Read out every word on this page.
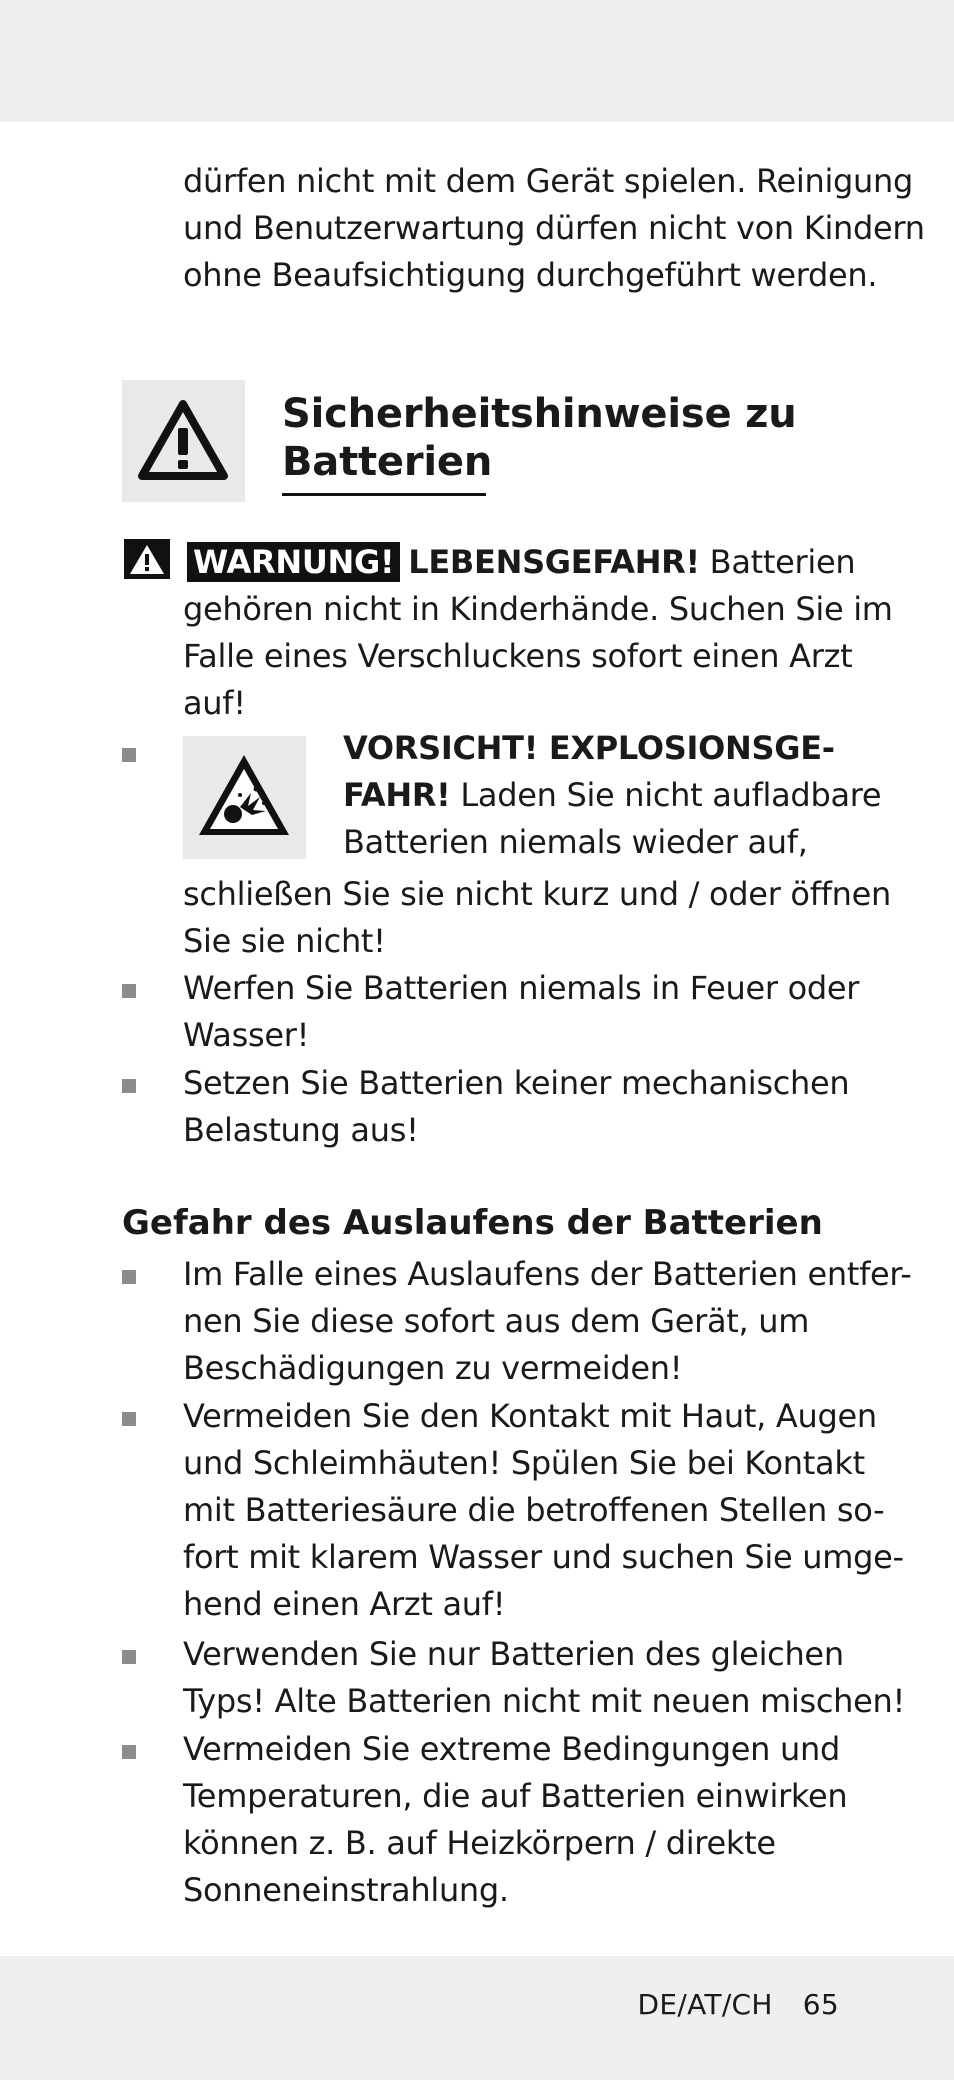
dürfen nicht mit dem Gerät spielen. Reinigung
und Benutzerwartung dürfen nicht von Kindern
ohne Beaufsichtigung durchgeführt werden.
Sicherheitshinweise zu
Batterien
WARNUNG! LEBENSGEFAHR! Batterien
gehören nicht in Kinderhände. Suchen Sie im
Falle eines Verschluckens sofort einen Arzt
auf!
VORSICHT! EXPLOSIONSGE-
FAHR! Laden Sie nicht aufladbare
Batterien niemals wieder auf,
schließen Sie sie nicht kurz und / oder öffnen
Sie sie nicht!
Werfen Sie Batterien niemals in Feuer oder
Wasser!
Setzen Sie Batterien keiner mechanischen
Belastung aus!
Gefahr des Auslaufens der Batterien
Im Falle eines Auslaufens der Batterien entfer-
nen Sie diese sofort aus dem Gerät, um
Beschädigungen zu vermeiden!
Vermeiden Sie den Kontakt mit Haut, Augen
und Schleimhäuten! Spülen Sie bei Kontakt
mit Batteriesäure die betroffenen Stellen so-
fort mit klarem Wasser und suchen Sie umge-
hend einen Arzt auf!
Verwenden Sie nur Batterien des gleichen
Typs! Alte Batterien nicht mit neuen mischen!
Vermeiden Sie extreme Bedingungen und
Temperaturen, die auf Batterien einwirken
können z. B. auf Heizkörpern / direkte
Sonneneinstrahlung.
DE/AT/CH 65
